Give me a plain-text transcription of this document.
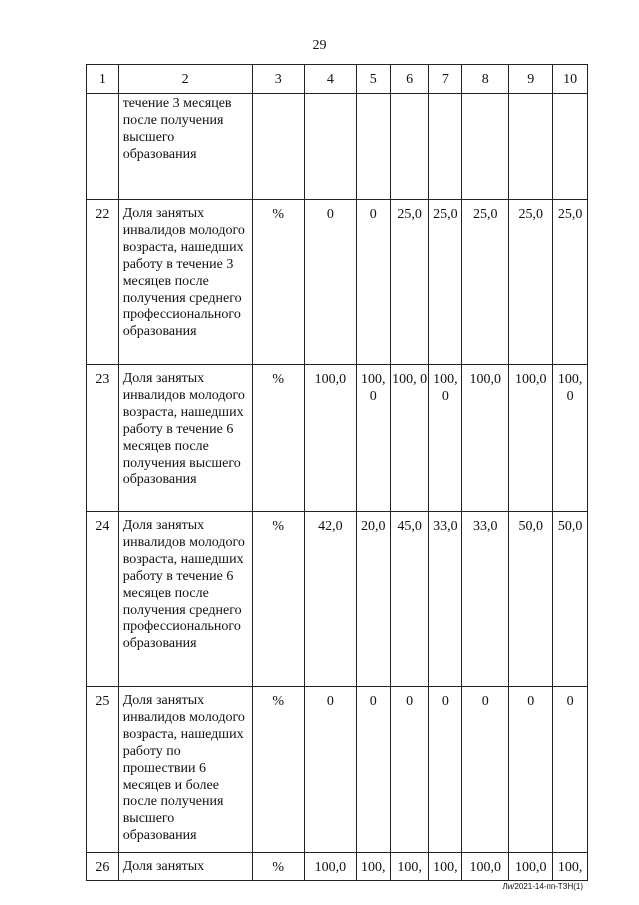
29
1	2	3	4	5	6	7	8	9	10
	течение 3 месяцев после получения высшего образования								
22	Доля занятых инвалидов молодого возраста, нашедших работу в течение 3 месяцев после получения среднего профессионального образования	%	0	0	25,0	25,0	25,0	25,0	25,0
23	Доля занятых инвалидов молодого возраста, нашедших работу в течение 6 месяцев после получения высшего образования	%	100,0	100, 0	100, 0	100, 0	100,0	100,0	100, 0
24	Доля занятых инвалидов молодого возраста, нашедших работу в течение 6 месяцев после получения среднего профессионального образования	%	42,0	20,0	45,0	33,0	33,0	50,0	50,0
25	Доля занятых инвалидов молодого возраста, нашедших работу по прошествии 6 месяцев и более после получения высшего образования	%	0	0	0	0	0	0	0
26	Доля занятых	%	100,0	100,	100,	100,	100,0	100,0	100,
Ли/2021-14-пп-ТЗН(1)
